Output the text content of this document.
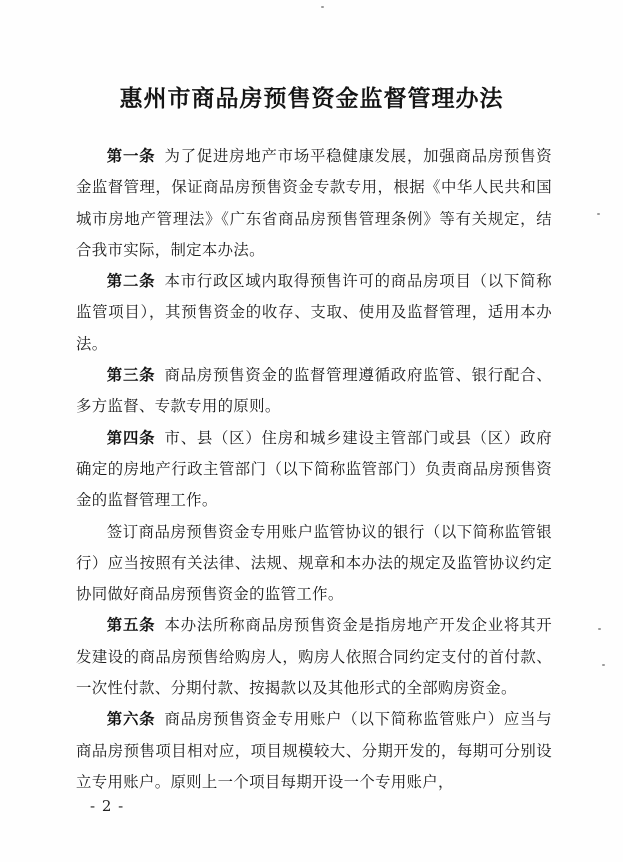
惠州市商品房预售资金监督管理办法

第一条 为了促进房地产市场平稳健康发展，加强商品房预售资金监督管理，保证商品房预售资金专款专用，根据《中华人民共和国城市房地产管理法》《广东省商品房预售管理条例》等有关规定，结合我市实际，制定本办法。

第二条 本市行政区域内取得预售许可的商品房项目（以下简称监管项目），其预售资金的收存、支取、使用及监督管理，适用本办法。

第三条 商品房预售资金的监督管理遵循政府监管、银行配合、多方监督、专款专用的原则。

第四条 市、县（区）住房和城乡建设主管部门或县（区）政府确定的房地产行政主管部门（以下简称监管部门）负责商品房预售资金的监督管理工作。

签订商品房预售资金专用账户监管协议的银行（以下简称监管银行）应当按照有关法律、法规、规章和本办法的规定及监管协议约定协同做好商品房预售资金的监管工作。

第五条 本办法所称商品房预售资金是指房地产开发企业将其开发建设的商品房预售给购房人，购房人依照合同约定支付的首付款、一次性付款、分期付款、按揭款以及其他形式的全部购房资金。

第六条 商品房预售资金专用账户（以下简称监管账户）应当与商品房预售项目相对应，项目规模较大、分期开发的，每期可分别设立专用账户。原则上一个项目每期开设一个专用账户，

- 2 -
